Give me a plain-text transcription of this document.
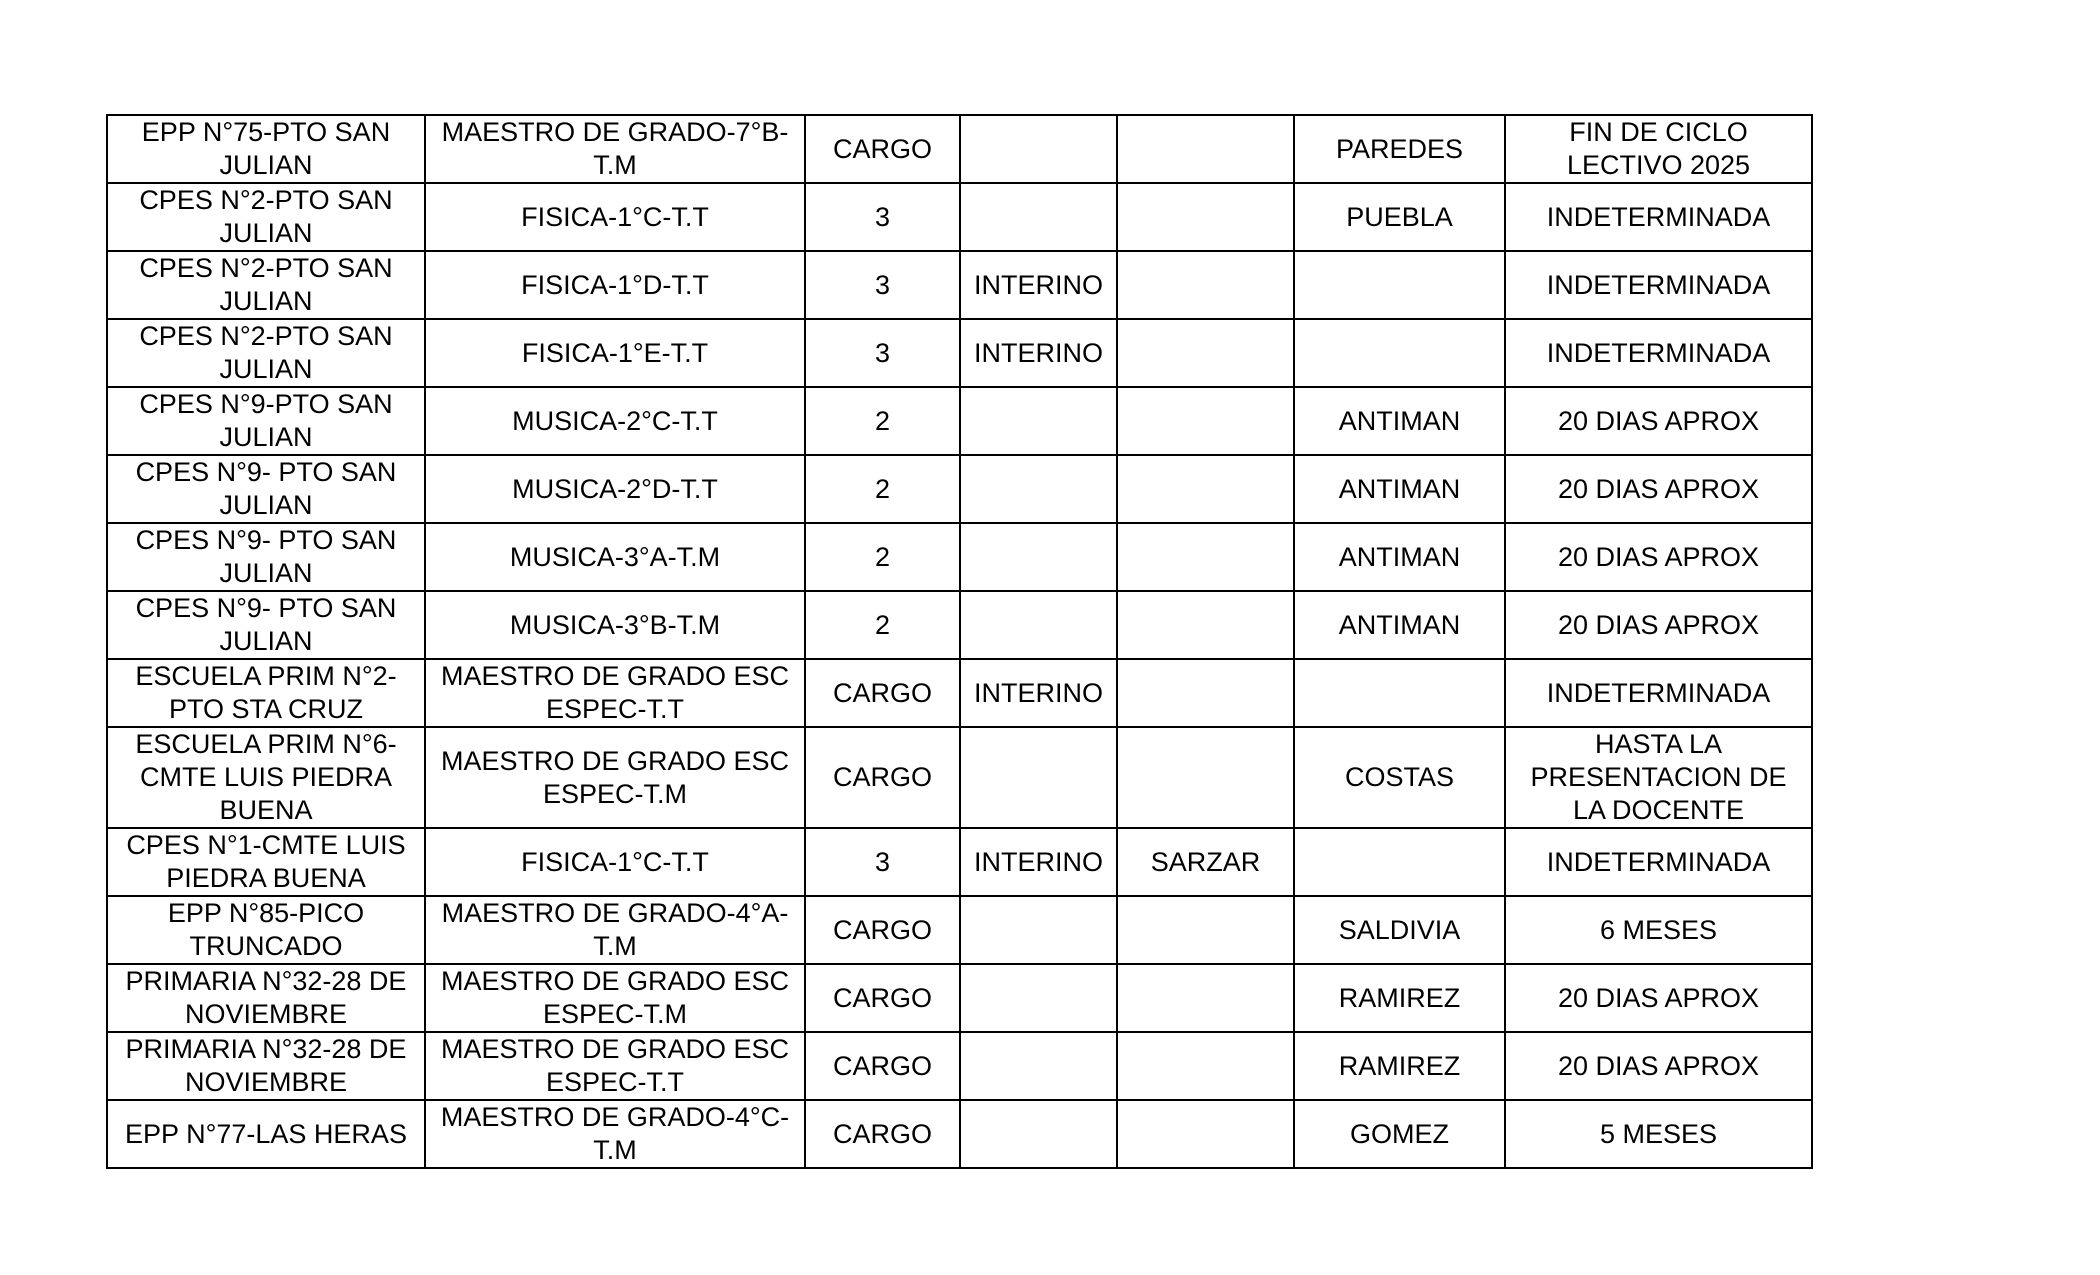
EPP N°75-PTO SAN JULIAN	MAESTRO DE GRADO-7°B-T.M	CARGO			PAREDES	FIN DE CICLO LECTIVO 2025
CPES N°2-PTO SAN JULIAN	FISICA-1°C-T.T	3			PUEBLA	INDETERMINADA
CPES N°2-PTO SAN JULIAN	FISICA-1°D-T.T	3	INTERINO			INDETERMINADA
CPES N°2-PTO SAN JULIAN	FISICA-1°E-T.T	3	INTERINO			INDETERMINADA
CPES N°9-PTO SAN JULIAN	MUSICA-2°C-T.T	2			ANTIMAN	20 DIAS APROX
CPES N°9- PTO SAN JULIAN	MUSICA-2°D-T.T	2			ANTIMAN	20 DIAS APROX
CPES N°9- PTO SAN JULIAN	MUSICA-3°A-T.M	2			ANTIMAN	20 DIAS APROX
CPES N°9- PTO SAN JULIAN	MUSICA-3°B-T.M	2			ANTIMAN	20 DIAS APROX
ESCUELA PRIM N°2-PTO STA CRUZ	MAESTRO DE GRADO ESC ESPEC-T.T	CARGO	INTERINO			INDETERMINADA
ESCUELA PRIM N°6-CMTE LUIS PIEDRA BUENA	MAESTRO DE GRADO ESC ESPEC-T.M	CARGO			COSTAS	HASTA LA PRESENTACION DE LA DOCENTE
CPES N°1-CMTE LUIS PIEDRA BUENA	FISICA-1°C-T.T	3	INTERINO	SARZAR		INDETERMINADA
EPP N°85-PICO TRUNCADO	MAESTRO DE GRADO-4°A-T.M	CARGO			SALDIVIA	6 MESES
PRIMARIA N°32-28 DE NOVIEMBRE	MAESTRO DE GRADO ESC ESPEC-T.M	CARGO			RAMIREZ	20 DIAS APROX
PRIMARIA N°32-28 DE NOVIEMBRE	MAESTRO DE GRADO ESC ESPEC-T.T	CARGO			RAMIREZ	20 DIAS APROX
EPP N°77-LAS HERAS	MAESTRO DE GRADO-4°C-T.M	CARGO			GOMEZ	5 MESES
